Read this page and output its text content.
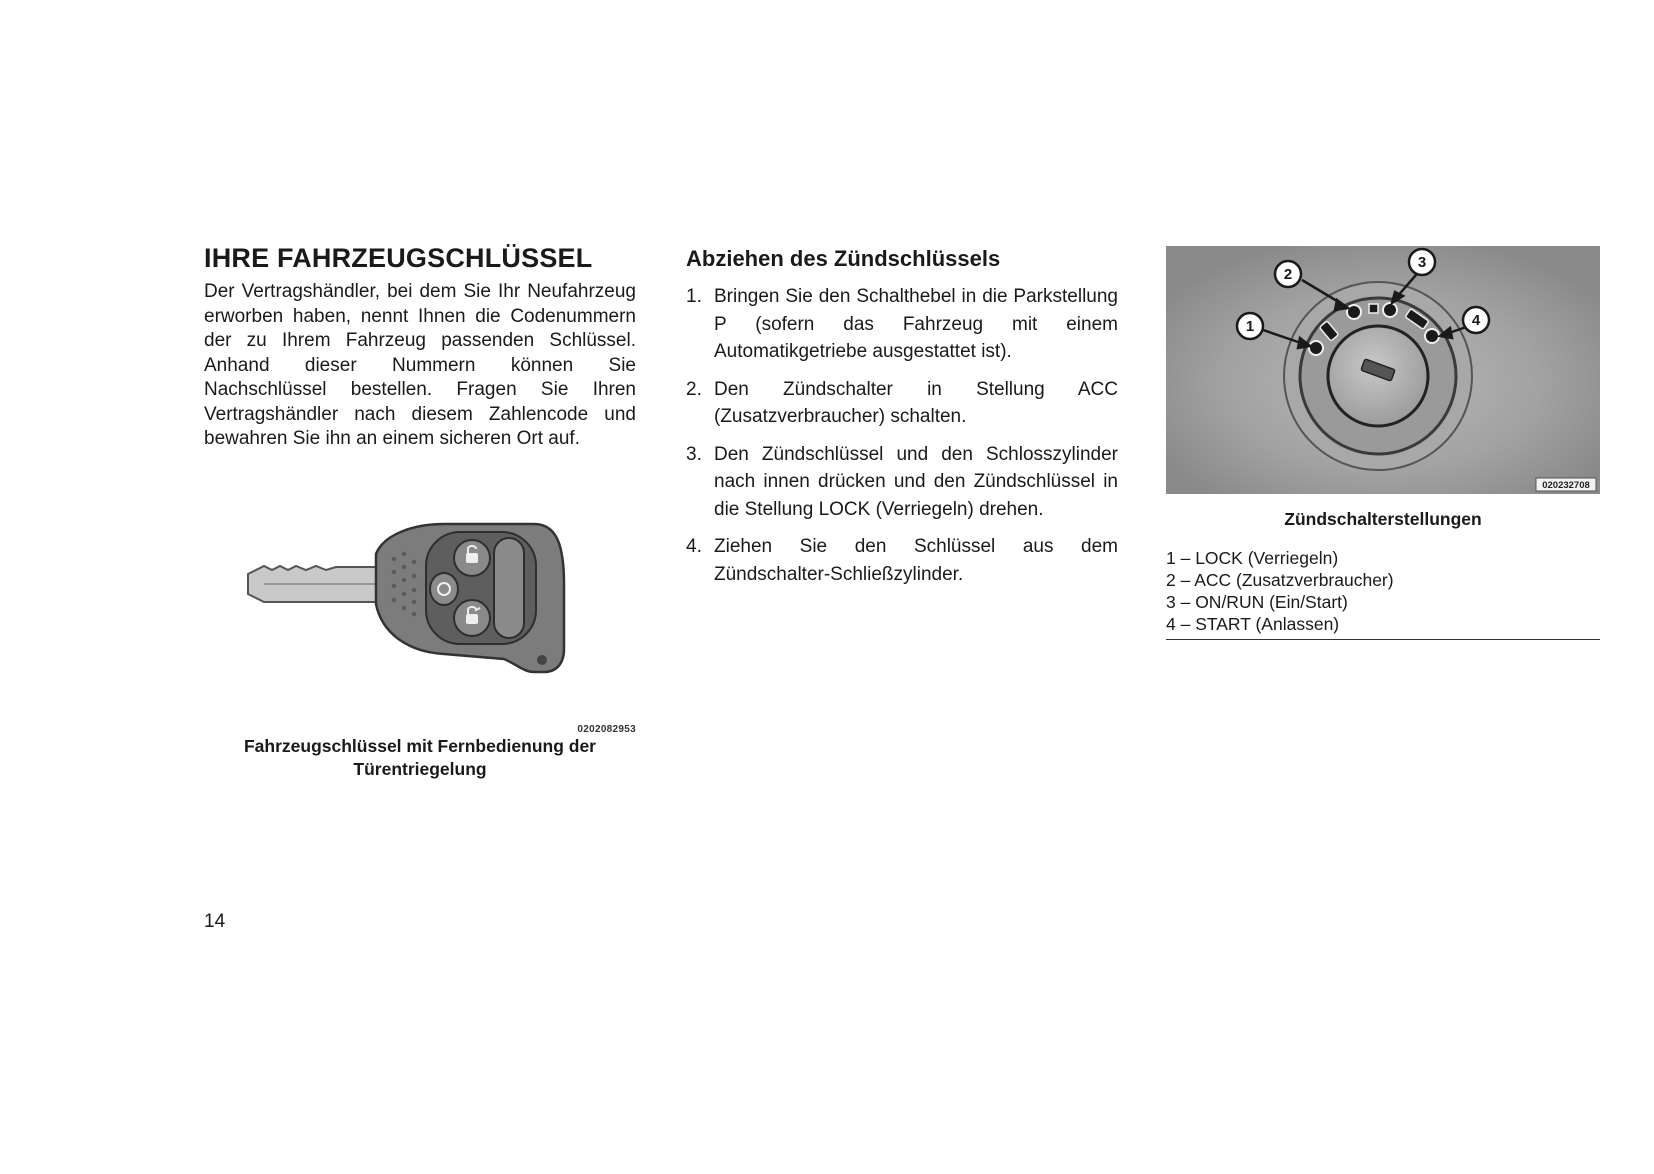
IHRE FAHRZEUGSCHLÜSSEL

Der Vertragshändler, bei dem Sie Ihr Neufahrzeug erworben haben, nennt Ihnen die Codenummern der zu Ihrem Fahrzeug passenden Schlüssel. Anhand dieser Nummern können Sie Nachschlüssel bestellen. Fragen Sie Ihren Vertragshändler nach diesem Zahlencode und bewahren Sie ihn an einem sicheren Ort auf.

0202082953
Fahrzeugschlüssel mit Fernbedienung der
Türentriegelung
Abziehen des Zündschlüssels
1. Bringen Sie den Schalthebel in die Parkstellung P (sofern das Fahrzeug mit einem Automatikgetriebe ausgestattet ist).
2. Den Zündschalter in Stellung ACC (Zusatzverbraucher) schalten.
3. Den Zündschlüssel und den Schlosszylinder nach innen drücken und den Zündschlüssel in die Stellung LOCK (Verriegeln) drehen.
4. Ziehen Sie den Schlüssel aus dem Zündschalter-Schließzylinder.
1
2
3
4
020232708
Zündschalterstellungen
1 – LOCK (Verriegeln)
2 – ACC (Zusatzverbraucher)
3 – ON/RUN (Ein/Start)
4 – START (Anlassen)
14
